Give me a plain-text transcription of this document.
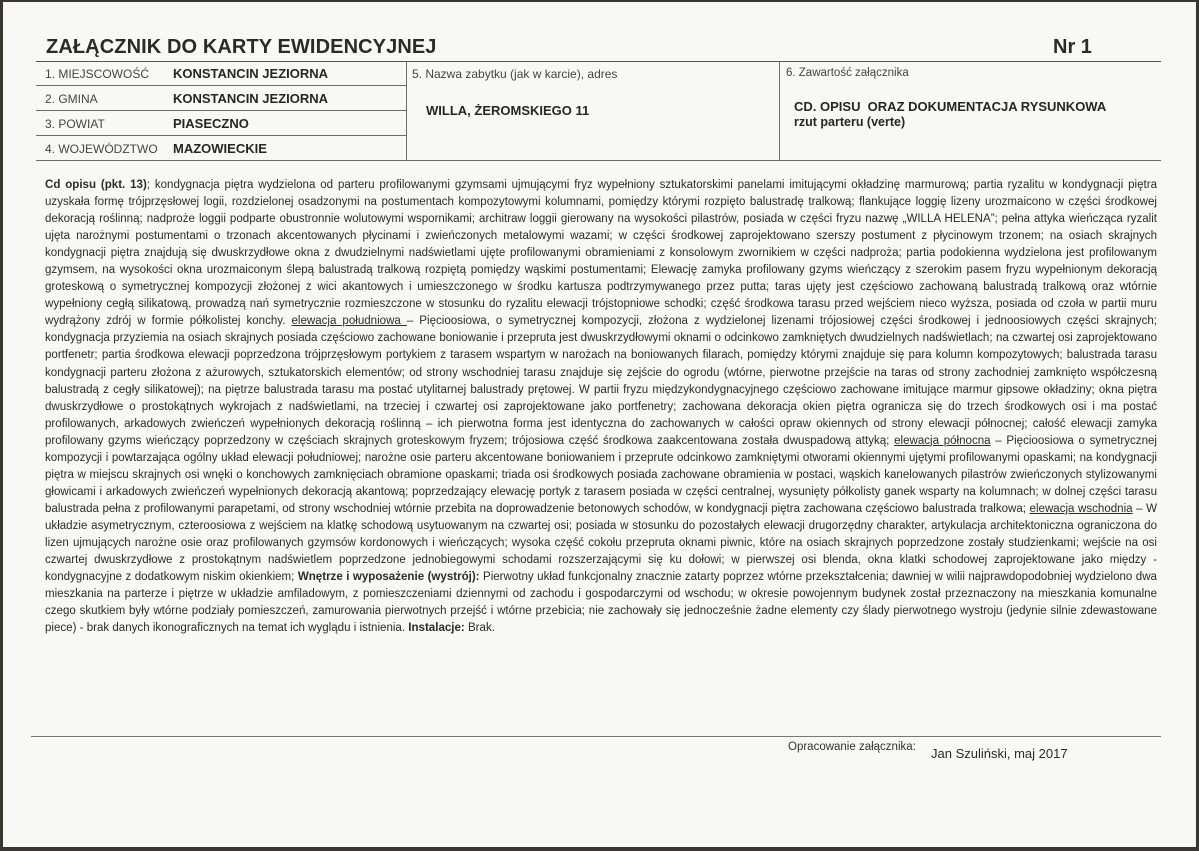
ZAŁĄCZNIK DO KARTY EWIDENCYJNEJ	Nr 1
1. MIEJSCOWOŚĆ KONSTANCIN JEZIORNA
2. GMINA	KONSTANCIN JEZIORNA
3. POWIAT	PIASECZNO
4. WOJEWÓDZTWO MAZOWIECKIE
5. Nazwa zabytku (jak w karcie), adres
WILLA, ŻEROMSKIEGO 11
6. Zawartość załącznika
CD. OPISU  ORAZ DOKUMENTACJA RYSUNKOWA
rzut parteru (verte)
Cd opisu (pkt. 13); kondygnacja piętra wydzielona od parteru profilowanymi gzymsami ujmującymi fryz wypełniony sztukatorskimi panelami imitującymi okładzinę marmurową; partia ryzalitu w kondygnacji piętra uzyskała formę trójprzęsłowej logii, rozdzielonej osadzonymi na postumentach kompozytowymi kolumnami, pomiędzy którymi rozpięto balustradę tralkową; flankujące loggię lizeny urozmaicono w części środkowej dekoracją roślinną; nadproże loggii podparte obustronnie wolutowymi wspornikami; architraw loggii gierowany na wysokości pilastrów, posiada w części fryzu nazwę „WILLA HELENA”; pełna attyka wieńcząca ryzalit ujęta narożnymi postumentami o trzonach akcentowanych płycinami i zwieńczonych metalowymi wazami; w części środkowej zaprojektowano szerszy postument z płycinowym trzonem; na osiach skrajnych kondygnacji piętra znajdują się dwuskrzydłowe okna z dwudzielnymi nadświetlami ujęte profilowanymi obramieniami z konsolowym zwornikiem w części nadproża; partia podokienna wydzielona jest profilowanym gzymsem, na wysokości okna urozmaiconym ślepą balustradą tralkową rozpiętą pomiędzy wąskimi postumentami; Elewację zamyka profilowany gzyms wieńczący z szerokim pasem fryzu wypełnionym dekoracją groteskową o symetrycznej kompozycji złożonej z wici akantowych i umieszczonego w środku kartusza podtrzymywanego przez putta; taras ujęty jest częściowo zachowaną balustradą tralkową oraz wtórnie wypełniony cegłą silikatową, prowadzą nań symetrycznie rozmieszczone w stosunku do ryzalitu elewacji trójstopniowe schodki; część środkowa tarasu przed wejściem nieco wyższa, posiada od czoła w partii muru wydrążony zdrój w formie półkolistej konchy. elewacja południowa – Pięcioosiowa, o symetrycznej kompozycji, złożona z wydzielonej lizenami trójosiowej części środkowej i jednoosiowych części skrajnych; kondygnacja przyziemia na osiach skrajnych posiada częściowo zachowane boniowanie i przepruta jest dwuskrzydłowymi oknami o odcinkowo zamkniętych dwudzielnych nadświetlach; na czwartej osi zaprojektowano portfenetr; partia środkowa elewacji poprzedzona trójprzęsłowym portykiem z tarasem wspartym w narożach na boniowanych filarach, pomiędzy którymi znajduje się para kolumn kompozytowych; balustrada tarasu kondygnacji parteru złożona z ażurowych, sztukatorskich elementów; od strony wschodniej tarasu znajduje się zejście do ogrodu (wtórne, pierwotne przejście na taras od strony zachodniej zamknięto współczesną balustradą z cegły silikatowej); na piętrze balustrada tarasu ma postać utylitarnej balustrady prętowej. W partii fryzu międzykondygnacyjnego częściowo zachowane imitujące marmur gipsowe okładziny; okna piętra dwuskrzydłowe o prostokątnych wykrojach z nadświetlami, na trzeciej i czwartej osi zaprojektowane jako portfenetry; zachowana dekoracja okien piętra ogranicza się do trzech środkowych osi i ma postać profilowanych, arkadowych zwieńczeń wypełnionych dekoracją roślinną – ich pierwotna forma jest identyczna do zachowanych w całości opraw okiennych od strony elewacji północnej; całość elewacji zamyka profilowany gzyms wieńczący poprzedzony w częściach skrajnych groteskowym fryzem; trójosiowa część środkowa zaakcentowana została dwuspadową attyką; elewacja północna – Pięcioosiowa o symetrycznej kompozycji i powtarzająca ogólny układ elewacji południowej; narożne osie parteru akcentowane boniowaniem i przeprute odcinkowo zamkniętymi otworami okiennymi ujętymi profilowanymi opaskami; na kondygnacji piętra w miejscu skrajnych osi wnęki o konchowych zamknięciach obramione opaskami; triada osi środkowych posiada zachowane obramienia w postaci, wąskich kanelowanych pilastrów zwieńczonych stylizowanymi głowicami i arkadowych zwieńczeń wypełnionych dekoracją akantową; poprzedzający elewację portyk z tarasem posiada w części centralnej, wysunięty półkolisty ganek wsparty na kolumnach; w dolnej części tarasu balustrada pełna z profilowanymi parapetami, od strony wschodniej wtórnie przebita na doprowadzenie betonowych schodów, w kondygnacji piętra zachowana częściowo balustrada tralkowa; elewacja wschodnia – W układzie asymetrycznym, czteroosiowa z wejściem na klatkę schodową usytuowanym na czwartej osi; posiada w stosunku do pozostałych elewacji drugorzędny charakter, artykulacja architektoniczna ograniczona do lizen ujmujących narożne osie oraz profilowanych gzymsów kordonowych i wieńczących; wysoka część cokołu przepruta oknami piwnic, które na osiach skrajnych poprzedzone zostały studzienkami; wejście na osi czwartej dwuskrzydłowe z prostokątnym nadświetlem poprzedzone jednobiegowymi schodami rozszerzającymi się ku dołowi; w pierwszej osi blenda, okna klatki schodowej zaprojektowane jako między - kondygnacyjne z dodatkowym niskim okienkiem; Wnętrze i wyposażenie (wystrój): Pierwotny układ funkcjonalny znacznie zatarty poprzez wtórne przekształcenia; dawniej w wilii najprawdopodobniej wydzielono dwa mieszkania na parterze i piętrze w układzie amfiladowym, z pomieszczeniami dziennymi od zachodu i gospodarczymi od wschodu; w okresie powojennym budynek został przeznaczony na mieszkania komunalne czego skutkiem były wtórne podziały pomieszczeń, zamurowania pierwotnych przejść i wtórne przebicia; nie zachowały się jednocześnie żadne elementy czy ślady pierwotnego wystroju (jedynie silnie zdewastowane piece) - brak danych ikonograficznych na temat ich wyglądu i istnienia. Instalacje: Brak.
Opracowanie załącznika: Jan Szuliński, maj 2017
